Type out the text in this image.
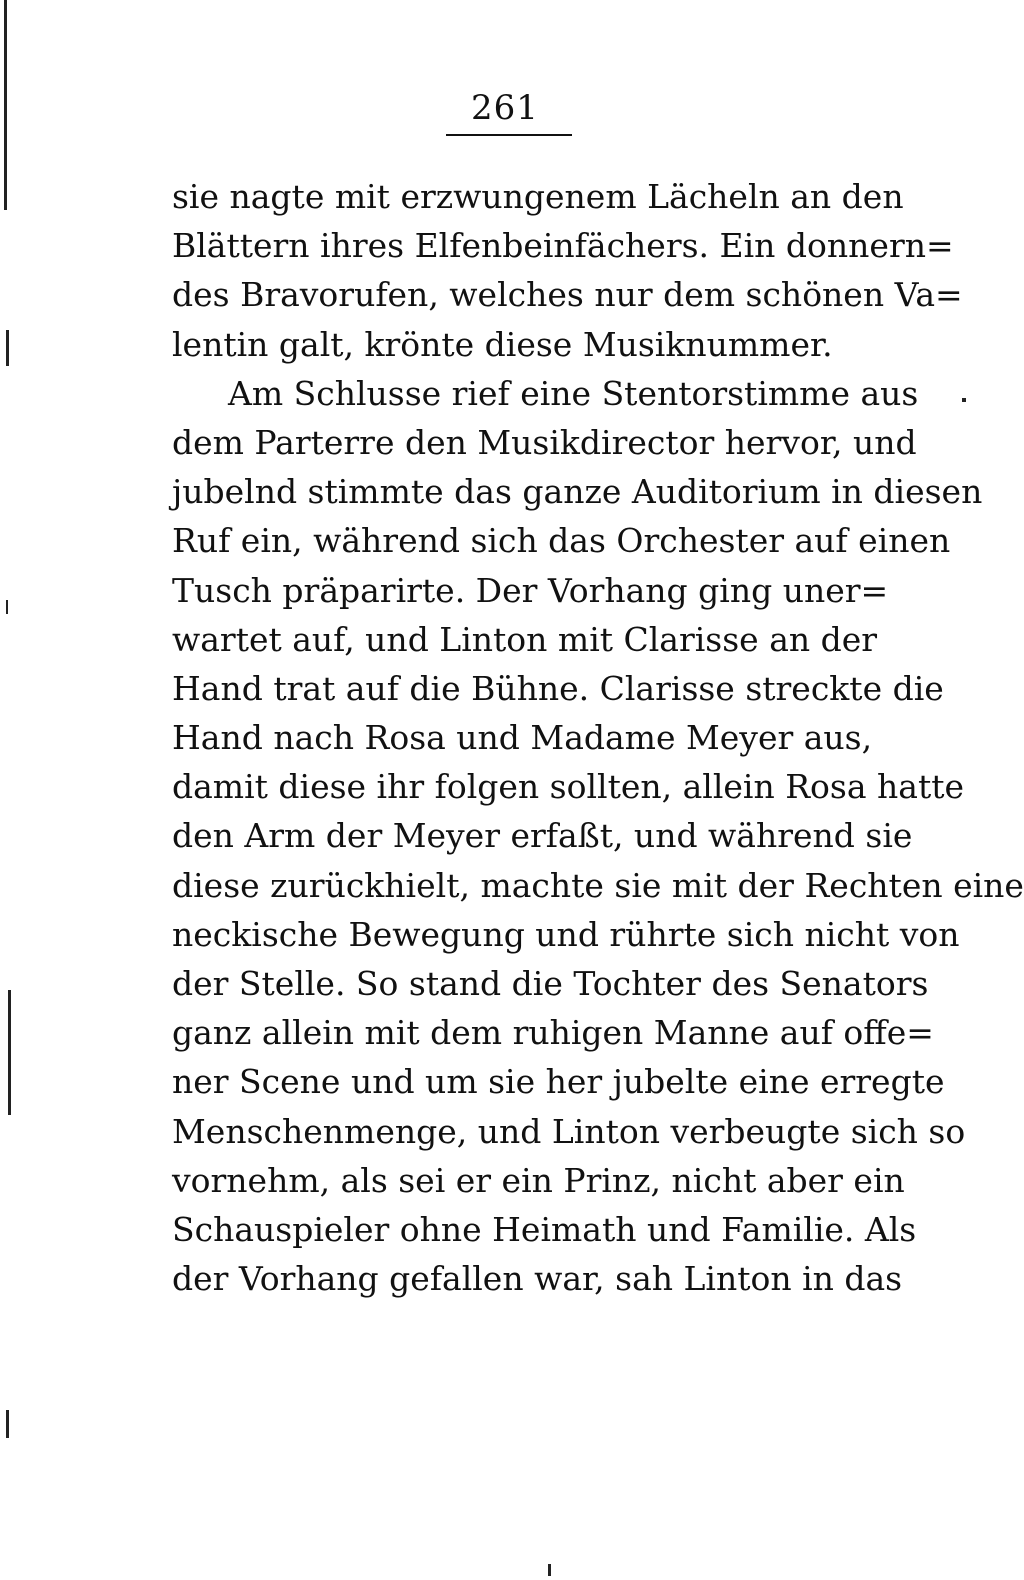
261
sie nagte mit erzwungenem Lächeln an den
Blättern ihres Elfenbeinfächers. Ein donnern=
des Bravorufen, welches nur dem schönen Va=
lentin galt, krönte diese Musiknummer.
Am Schlusse rief eine Stentorstimme aus
dem Parterre den Musikdirector hervor, und
jubelnd stimmte das ganze Auditorium in diesen
Ruf ein, während sich das Orchester auf einen
Tusch präparirte. Der Vorhang ging uner=
wartet auf, und Linton mit Clarisse an der
Hand trat auf die Bühne. Clarisse streckte die
Hand nach Rosa und Madame Meyer aus,
damit diese ihr folgen sollten, allein Rosa hatte
den Arm der Meyer erfaßt, und während sie
diese zurückhielt, machte sie mit der Rechten eine
neckische Bewegung und rührte sich nicht von
der Stelle. So stand die Tochter des Senators
ganz allein mit dem ruhigen Manne auf offe=
ner Scene und um sie her jubelte eine erregte
Menschenmenge, und Linton verbeugte sich so
vornehm, als sei er ein Prinz, nicht aber ein
Schauspieler ohne Heimath und Familie. Als
der Vorhang gefallen war, sah Linton in das
